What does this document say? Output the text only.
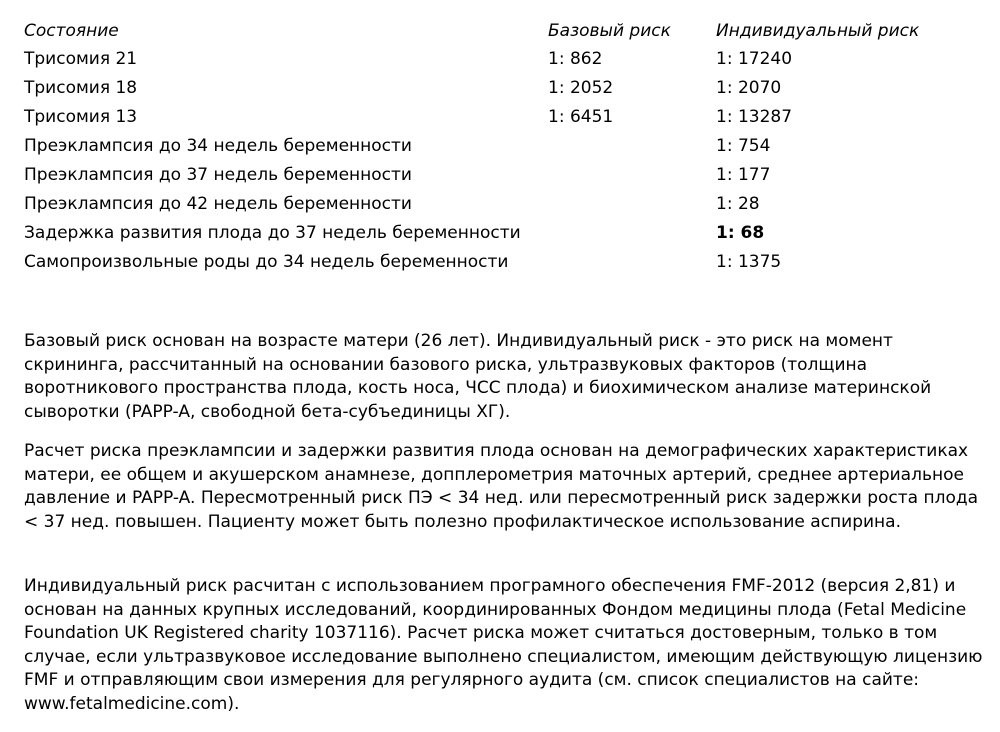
Состояние	Базовый риск	Индивидуальный риск
Трисомия 21	1: 862	1: 17240
Трисомия 18	1: 2052	1: 2070
Трисомия 13	1: 6451	1: 13287
Преэклампсия до 34 недель беременности		1: 754
Преэклампсия до 37 недель беременности		1: 177
Преэклампсия до 42 недель беременности		1: 28
Задержка развития плода до 37 недель беременности		1: 68
Самопроизвольные роды до 34 недель беременности		1: 1375

Базовый риск основан на возрасте матери (26 лет). Индивидуальный риск - это риск на момент скрининга, рассчитанный на основании базового риска, ультразвуковых факторов (толщина воротникового пространства плода, кость носа, ЧСС плода) и биохимическом анализе материнской сыворотки (PAPP-A, свободной бета-субъединицы ХГ).

Расчет риска преэклампсии и задержки развития плода основан на демографических характеристиках матери, ее общем и акушерском анамнезе, допплерометрия маточных артерий, среднее артериальное давление и PAPP-A. Пересмотренный риск ПЭ < 34 нед. или пересмотренный риск задержки роста плода < 37 нед. повышен. Пациенту может быть полезно профилактическое использование аспирина.

Индивидуальный риск расчитан с использованием програмного обеспечения FMF-2012 (версия 2,81) и основан на данных крупных исследований, координированных Фондом медицины плода (Fetal Medicine Foundation UK Registered charity 1037116). Расчет риска может считаться достоверным, только в том случае, если ультразвуковое исследование выполнено специалистом, имеющим действующую лицензию FMF и отправляющим свои измерения для регулярного аудита (см. список специалистов на сайте: www.fetalmedicine.com).
